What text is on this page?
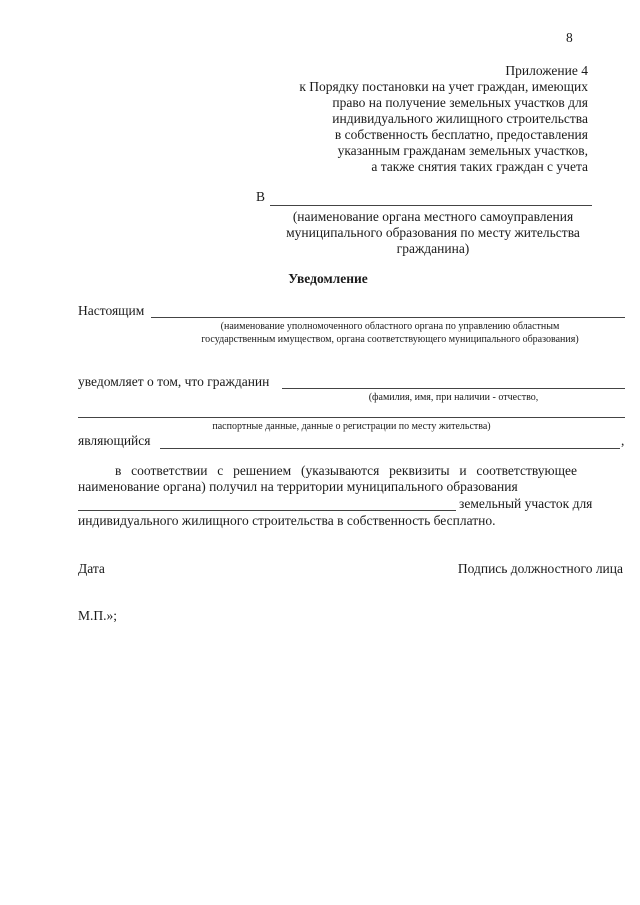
8
Приложение 4
к Порядку постановки на учет граждан, имеющих
право на получение земельных участков для
индивидуального жилищного строительства
в собственность бесплатно, предоставления
указанным гражданам земельных участков,
а также снятия таких граждан с учета
В
(наименование органа местного самоуправления
муниципального образования по месту жительства
гражданина)
Уведомление
Настоящим
(наименование уполномоченного областного органа по управлению областным
государственным имуществом, органа соответствующего муниципального образования)
уведомляет о том, что гражданин
(фамилия, имя, при наличии - отчество,
паспортные данные, данные о регистрации по месту жительства)
являющийся	,
в соответствии с решением (указываются реквизиты и соответствующее
наименование органа) получил на территории муниципального образования
земельный участок для
индивидуального жилищного строительства в собственность бесплатно.
Дата	Подпись должностного лица
М.П.»;
